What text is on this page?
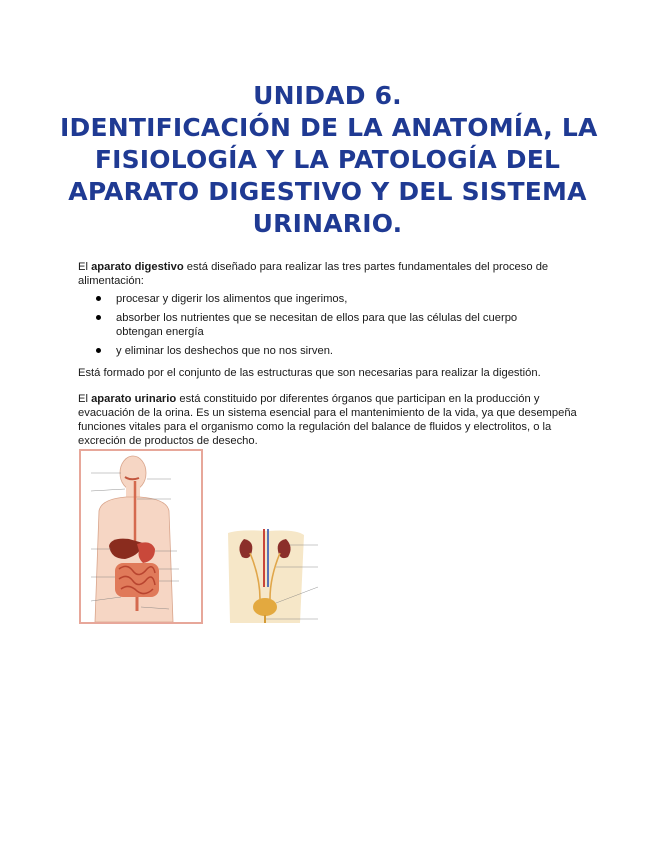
UNIDAD 6.
IDENTIFICACIÓN DE LA ANATOMÍA, LA
FISIOLOGÍA Y LA PATOLOGÍA DEL
APARATO DIGESTIVO Y DEL SISTEMA
URINARIO.
El aparato digestivo está diseñado para realizar las tres partes fundamentales del proceso de alimentación:
procesar y digerir los alimentos que ingerimos,
absorber los nutrientes que se necesitan de ellos para que las células del cuerpo obtengan energía
y eliminar los deshechos que no nos sirven.
Está formado por el conjunto de las estructuras que son necesarias para realizar la digestión.
El aparato urinario está constituido por diferentes órganos que participan en la producción y evacuación de la orina. Es un sistema esencial para el mantenimiento de la vida, ya que desempeña funciones vitales para el organismo como la regulación del balance de fluidos y electrolitos, o la excreción de productos de desecho.
